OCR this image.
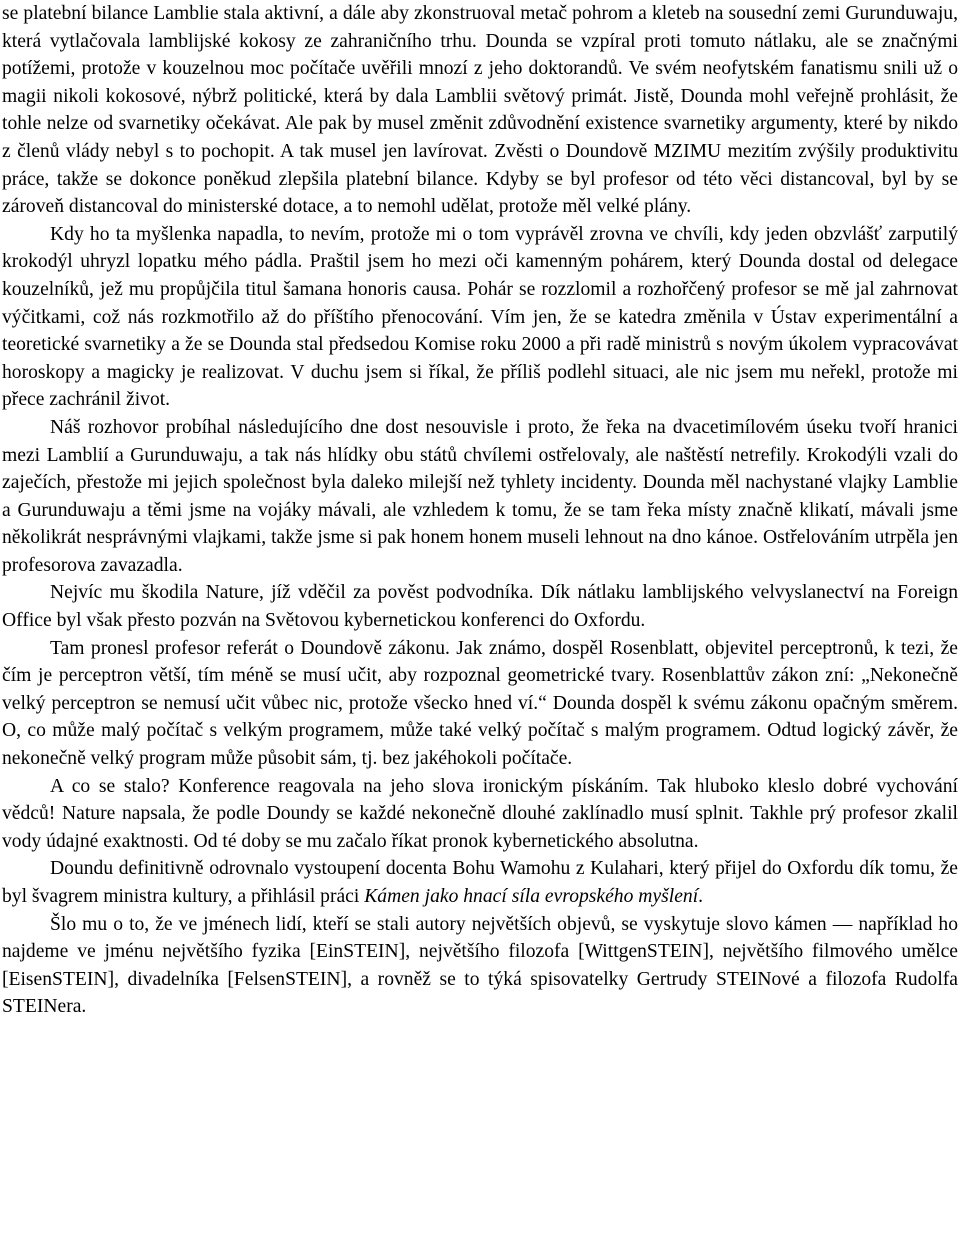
se platební bilance Lamblie stala aktivní, a dále aby zkonstruoval metač pohrom a kleteb na sousední zemi Gurunduwaju, která vytlačovala lamblijské kokosy ze zahraničního trhu. Dounda se vzpíral proti tomuto nátlaku, ale se značnými potížemi, protože v kouzelnou moc počítače uvěřili mnozí z jeho doktorandů. Ve svém neofytském fanatismu snili už o magii nikoli kokosové, nýbrž politické, která by dala Lamblii světový primát. Jistě, Dounda mohl veřejně prohlásit, že tohle nelze od svarnetiky očekávat. Ale pak by musel změnit zdůvodnění existence svarnetiky argumenty, které by nikdo z členů vlády nebyl s to pochopit. A tak musel jen lavírovat. Zvěsti o Doundově MZIMU mezitím zvýšily produktivitu práce, takže se dokonce poněkud zlepšila platební bilance. Kdyby se byl profesor od této věci distancoval, byl by se zároveň distancoval do ministerské dotace, a to nemohl udělat, protože měl velké plány.

Kdy ho ta myšlenka napadla, to nevím, protože mi o tom vyprávěl zrovna ve chvíli, kdy jeden obzvlášť zarputilý krokodýl uhryzl lopatku mého pádla. Praštil jsem ho mezi oči kamenným pohárem, který Dounda dostal od delegace kouzelníků, jež mu propůjčila titul šamana honoris causa. Pohár se rozzlomil a rozhořčený profesor se mě jal zahrnovat výčitkami, což nás rozkmotřilo až do příštího přenocování. Vím jen, že se katedra změnila v Ústav experimentální a teoretické svarnetiky a že se Dounda stal předsedou Komise roku 2000 a při radě ministrů s novým úkolem vypracovávat horoskopy a magicky je realizovat. V duchu jsem si říkal, že příliš podlehl situaci, ale nic jsem mu neřekl, protože mi přece zachránil život.

Náš rozhovor probíhal následujícího dne dost nesouvisle i proto, že řeka na dvacetimílovém úseku tvoří hranici mezi Lamblií a Gurunduwaju, a tak nás hlídky obu států chvílemi ostřelovaly, ale naštěstí netrefily. Krokodýli vzali do zaječích, přestože mi jejich společnost byla daleko milejší než tyhlety incidenty. Dounda měl nachystané vlajky Lamblie a Gurunduwaju a těmi jsme na vojáky mávali, ale vzhledem k tomu, že se tam řeka místy značně klikatí, mávali jsme několikrát nesprávnými vlajkami, takže jsme si pak honem honem museli lehnout na dno kánoe. Ostřelováním utrpěla jen profesorova zavazadla.

Nejvíc mu škodila Nature, jíž vděčil za pověst podvodníka. Dík nátlaku lamblijského velvyslanectví na Foreign Office byl však přesto pozván na Světovou kybernetickou konferenci do Oxfordu.

Tam pronesl profesor referát o Doundově zákonu. Jak známo, dospěl Rosenblatt, objevitel perceptronů, k tezi, že čím je perceptron větší, tím méně se musí učit, aby rozpoznal geometrické tvary. Rosenblattův zákon zní: „Nekonečně velký perceptron se nemusí učit vůbec nic, protože všecko hned ví.“ Dounda dospěl k svému zákonu opačným směrem. O, co může malý počítač s velkým programem, může také velký počítač s malým programem. Odtud logický závěr, že nekonečně velký program může působit sám, tj. bez jakéhokoli počítače.

A co se stalo? Konference reagovala na jeho slova ironickým pískáním. Tak hluboko kleslo dobré vychování vědců! Nature napsala, že podle Doundy se každé nekonečně dlouhé zaklínadlo musí splnit. Takhle prý profesor zkalil vody údajné exaktnosti. Od té doby se mu začalo říkat pronok kybernetického absolutna.

Doundu definitivně odrovnalo vystoupení docenta Bohu Wamohu z Kulahari, který přijel do Oxfordu dík tomu, že byl švagrem ministra kultury, a přihlásil práci Kámen jako hnací síla evropského myšlení.

Šlo mu o to, že ve jménech lidí, kteří se stali autory největších objevů, se vyskytuje slovo kámen — například ho najdeme ve jménu největšího fyzika [EinSTEIN], největšího filozofa [WittgenSTEIN], největšího filmového umělce [EisenSTEIN], divadelníka [FelsenSTEIN], a rovněž se to týká spisovatelky Gertrudy STEINové a filozofa Rudolfa STEINera.
